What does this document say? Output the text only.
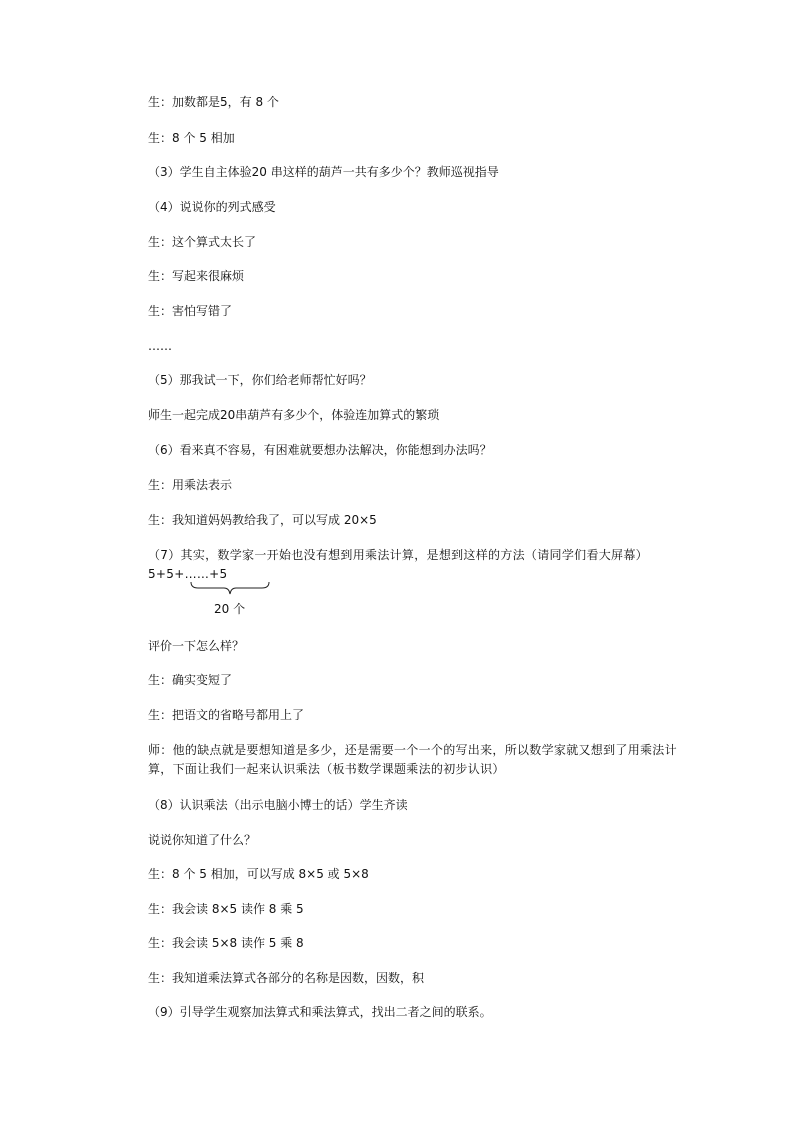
生：加数都是5，有 8 个

生：8 个 5 相加

（3）学生自主体验20 串这样的葫芦一共有多少个？教师巡视指导

（4）说说你的列式感受

生：这个算式太长了

生：写起来很麻烦

生：害怕写错了

……

（5）那我试一下，你们给老师帮忙好吗？

师生一起完成20串葫芦有多少个，体验连加算式的繁琐

（6）看来真不容易，有困难就要想办法解决，你能想到办法吗？

生：用乘法表示

生：我知道妈妈教给我了，可以写成 20×5

（7）其实，数学家一开始也没有想到用乘法计算，是想到这样的方法（请同学们看大屏幕）5+5+……+5

20 个

评价一下怎么样？

生：确实变短了

生：把语文的省略号都用上了

师：他的缺点就是要想知道是多少，还是需要一个一个的写出来，所以数学家就又想到了用乘法计算，下面让我们一起来认识乘法（板书数学课题乘法的初步认识）

（8）认识乘法（出示电脑小博士的话）学生齐读

说说你知道了什么？

生：8 个 5 相加，可以写成 8×5 或 5×8

生：我会读 8×5 读作 8 乘 5

生：我会读 5×8 读作 5 乘 8

生：我知道乘法算式各部分的名称是因数，因数，积

（9）引导学生观察加法算式和乘法算式，找出二者之间的联系。
